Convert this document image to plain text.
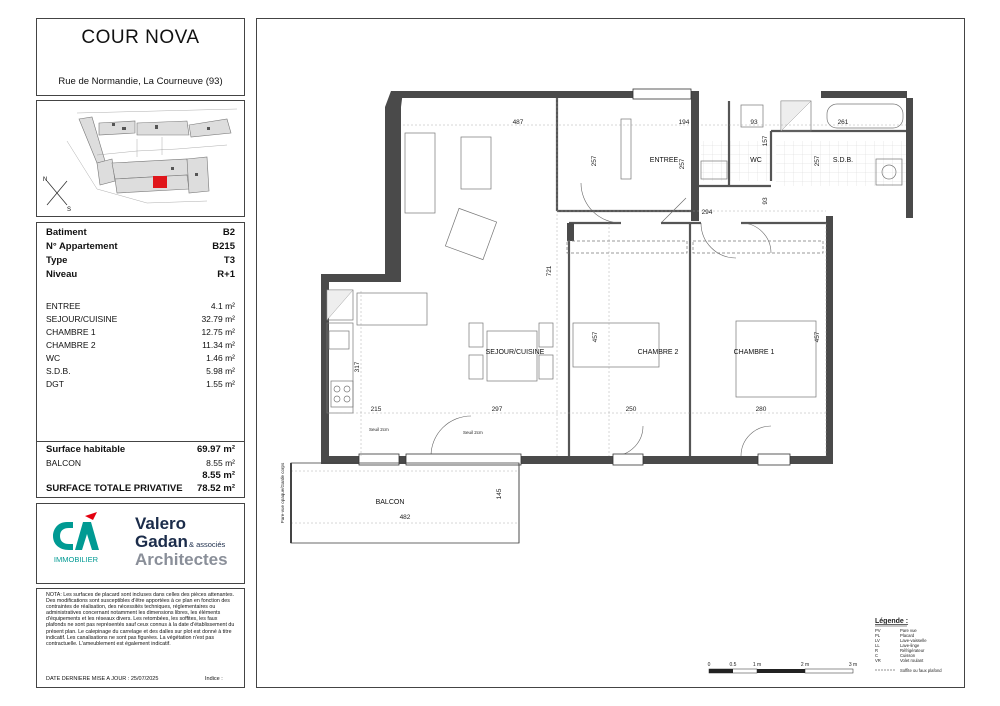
COUR NOVA
Rue de Normandie, La Courneuve (93)
N
S
Batiment	B2
N° Appartement	B215
Type	T3
Niveau	R+1
ENTREE	4.1 m²
SEJOUR/CUISINE	32.79 m²
CHAMBRE 1	12.75 m²
CHAMBRE 2	11.34 m²
WC	1.46 m²
S.D.B.	5.98 m²
DGT	1.55 m²
Surface habitable	69.97 m²
BALCON	8.55 m²
8.55 m²
SURFACE TOTALE PRIVATIVE 78.52 m²
IMMOBILIER
Valero
Gadan & associés
Architectes
NOTA: Les surfaces de placard sont incluses dans celles des pièces attenantes. Des modifications sont susceptibles d'être apportées à ce plan en fonction des contraintes de réalisation, des nécessités techniques, réglementaires ou administratives concernant notamment les dimensions libres, les éléments d'équipements et les réseaux divers. Les retombées, les soffites, les faux plafonds ne sont pas représentés sauf ceux connus à la date d'établissement du présent plan. Le calepinage du carrelage et des dalles sur plot est donné à titre indicatif. Les canalisations ne sont pas figurées. La végétation n'est pas contractuelle. L'ameublement est également indicatif.
DATE DERNIERE MISE A JOUR : 25/07/2025	Indice :
ENTREE	WC	S.D.B.
SEJOUR/CUISINE	CHAMBRE 2	CHAMBRE 1
BALCON
487	194	93	261
294
215	297	250	280
482
257	257	257
157
93
721
317
457	457
145
Pare-vue opaque/Garde corps
Seuil 2cm
Seuil 2cm
Légende :
PV	Pare vue
PL	Placard
LV	Lave-vaisselle
LL	Lave-linge
R	Réfrigérateur
C	Cuisson
VR	Volet roulant
Soffite ou faux plafond
0	0.5	1 m	2 m	3 m
